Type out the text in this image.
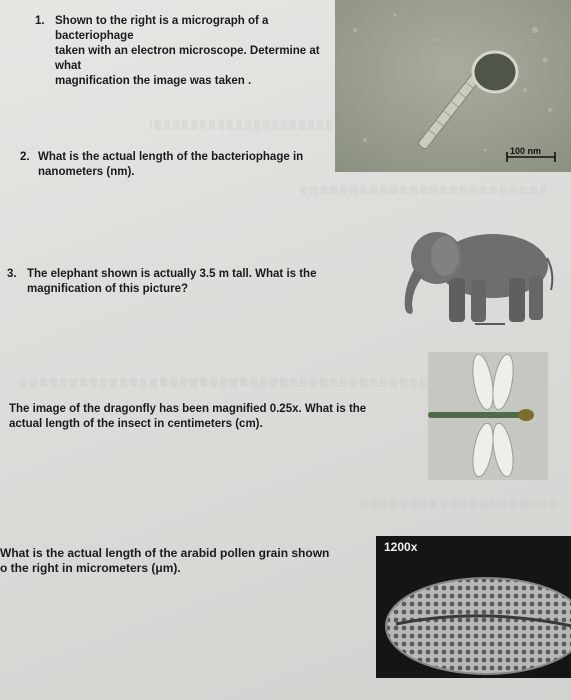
1. Shown to the right is a micrograph of a bacteriophage
taken with an electron microscope. Determine at what
magnification the image was taken .
2. What is the actual length of the bacteriophage in
nanometers (nm).
3. The elephant shown is actually 3.5 m tall. What is the
magnification of this picture?
The image of the dragonfly has been magnified 0.25x. What is the
actual length of the insect in centimeters (cm).
What is the actual length of the arabid pollen grain shown
o the right in micrometers (μm).
100 nm
1200x
